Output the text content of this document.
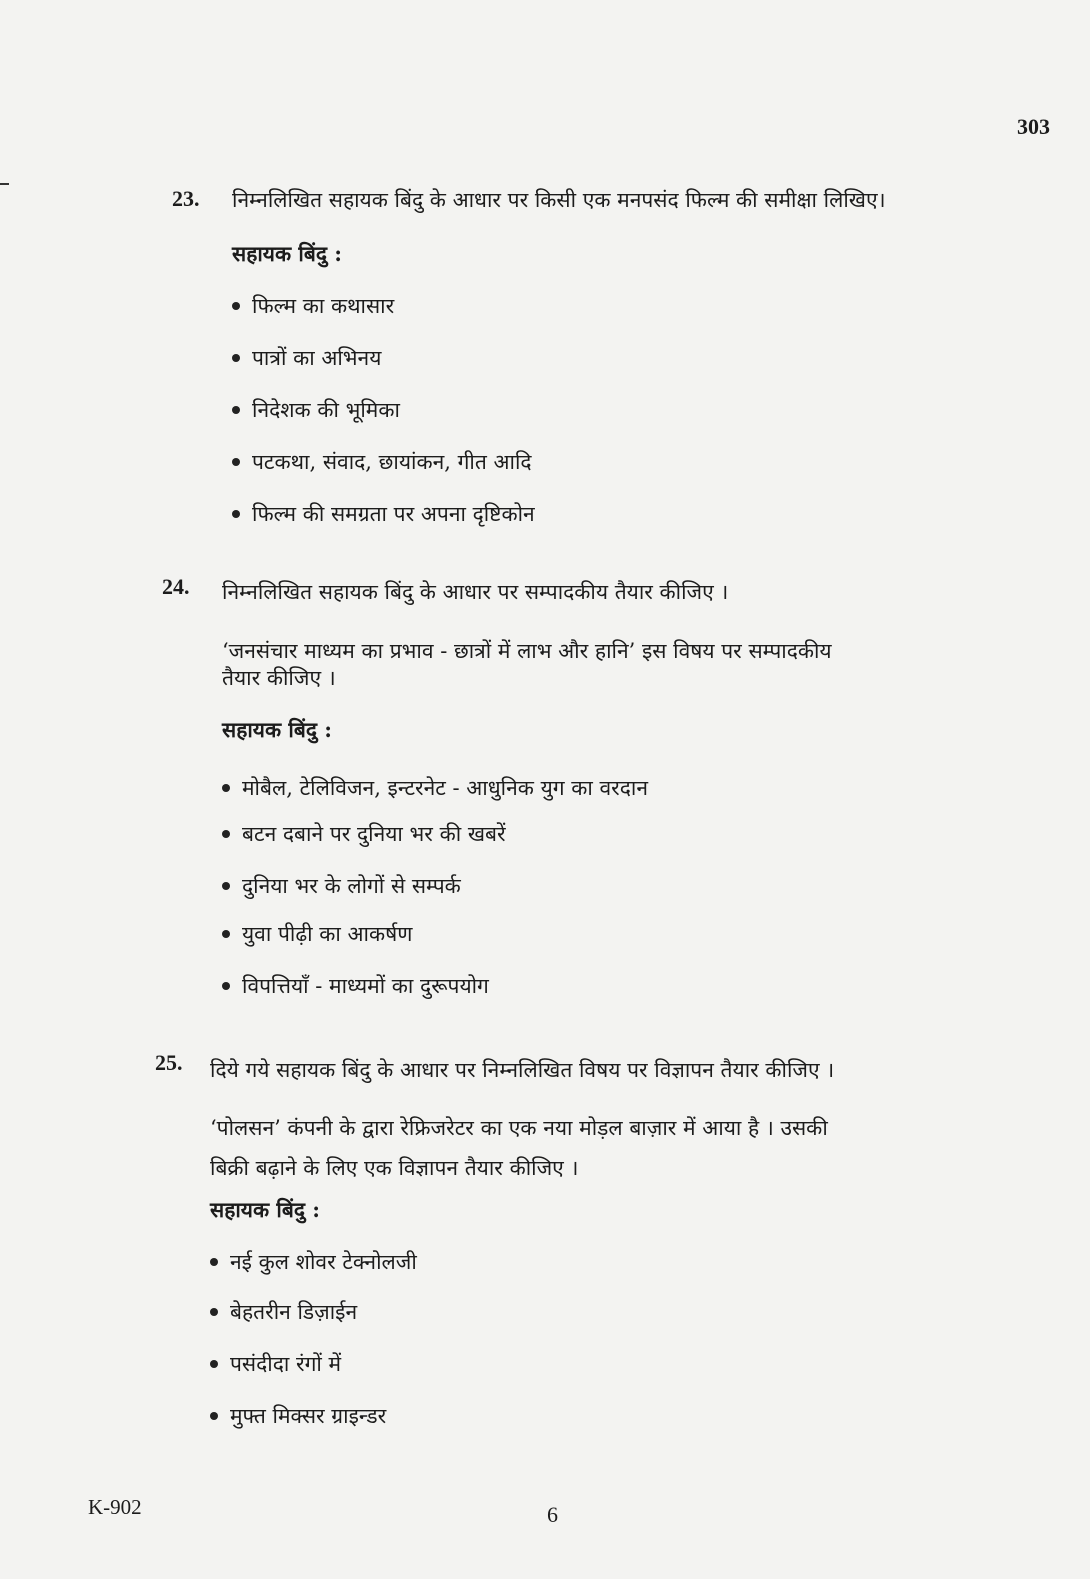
303
23. निम्नलिखित सहायक बिंदु के आधार पर किसी एक मनपसंद फिल्म की समीक्षा लिखिए।
सहायक बिंदु :
फिल्म का कथासार
पात्रों का अभिनय
निदेशक की भूमिका
पटकथा, संवाद, छायांकन, गीत आदि
फिल्म की समग्रता पर अपना दृष्टिकोन
24. निम्नलिखित सहायक बिंदु के आधार पर सम्पादकीय तैयार कीजिए ।
‘जनसंचार माध्यम का प्रभाव - छात्रों में लाभ और हानि’ इस विषय पर सम्पादकीय
तैयार कीजिए ।
सहायक बिंदु :
मोबैल, टेलिविजन, इन्टरनेट - आधुनिक युग का वरदान
बटन दबाने पर दुनिया भर की खबरें
दुनिया भर के लोगों से सम्पर्क
युवा पीढ़ी का आकर्षण
विपत्तियाँ - माध्यमों का दुरूपयोग
25. दिये गये सहायक बिंदु के आधार पर निम्नलिखित विषय पर विज्ञापन तैयार कीजिए ।
‘पोलसन’ कंपनी के द्वारा रेफ्रिजरेटर का एक नया मोड़ल बाज़ार में आया है । उसकी
बिक्री बढ़ाने के लिए एक विज्ञापन तैयार कीजिए ।
सहायक बिंदु :
नई कुल शोवर टेक्नोलजी
बेहतरीन डिज़ाईन
पसंदीदा रंगों में
मुफ्त मिक्सर ग्राइन्डर
K-902	6
